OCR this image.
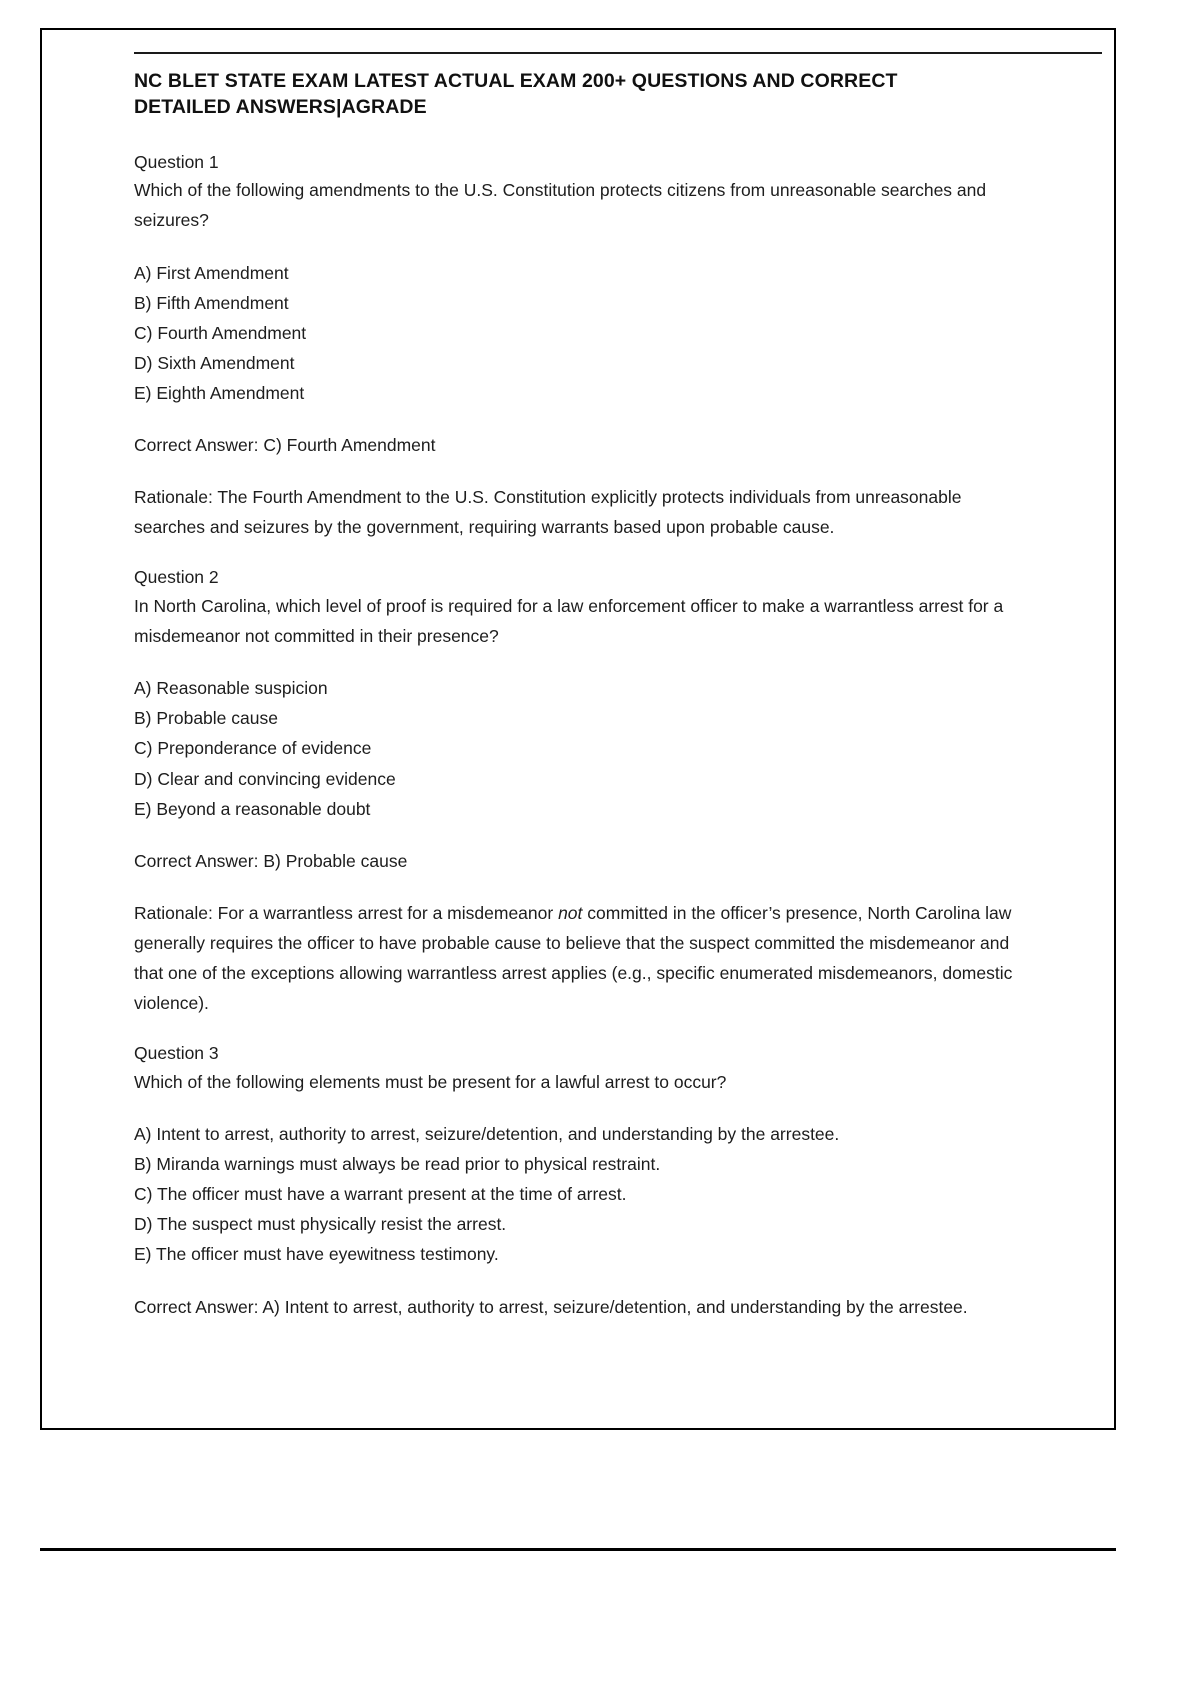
NC BLET STATE EXAM LATEST ACTUAL EXAM 200+ QUESTIONS AND CORRECT DETAILED ANSWERS|AGRADE
Question 1
Which of the following amendments to the U.S. Constitution protects citizens from unreasonable searches and seizures?
A) First Amendment
B) Fifth Amendment
C) Fourth Amendment
D) Sixth Amendment
E) Eighth Amendment
Correct Answer: C) Fourth Amendment
Rationale: The Fourth Amendment to the U.S. Constitution explicitly protects individuals from unreasonable searches and seizures by the government, requiring warrants based upon probable cause.
Question 2
In North Carolina, which level of proof is required for a law enforcement officer to make a warrantless arrest for a misdemeanor not committed in their presence?
A) Reasonable suspicion
B) Probable cause
C) Preponderance of evidence
D) Clear and convincing evidence
E) Beyond a reasonable doubt
Correct Answer: B) Probable cause
Rationale: For a warrantless arrest for a misdemeanor not committed in the officer’s presence, North Carolina law generally requires the officer to have probable cause to believe that the suspect committed the misdemeanor and that one of the exceptions allowing warrantless arrest applies (e.g., specific enumerated misdemeanors, domestic violence).
Question 3
Which of the following elements must be present for a lawful arrest to occur?
A) Intent to arrest, authority to arrest, seizure/detention, and understanding by the arrestee.
B) Miranda warnings must always be read prior to physical restraint.
C) The officer must have a warrant present at the time of arrest.
D) The suspect must physically resist the arrest.
E) The officer must have eyewitness testimony.
Correct Answer: A) Intent to arrest, authority to arrest, seizure/detention, and understanding by the arrestee.
